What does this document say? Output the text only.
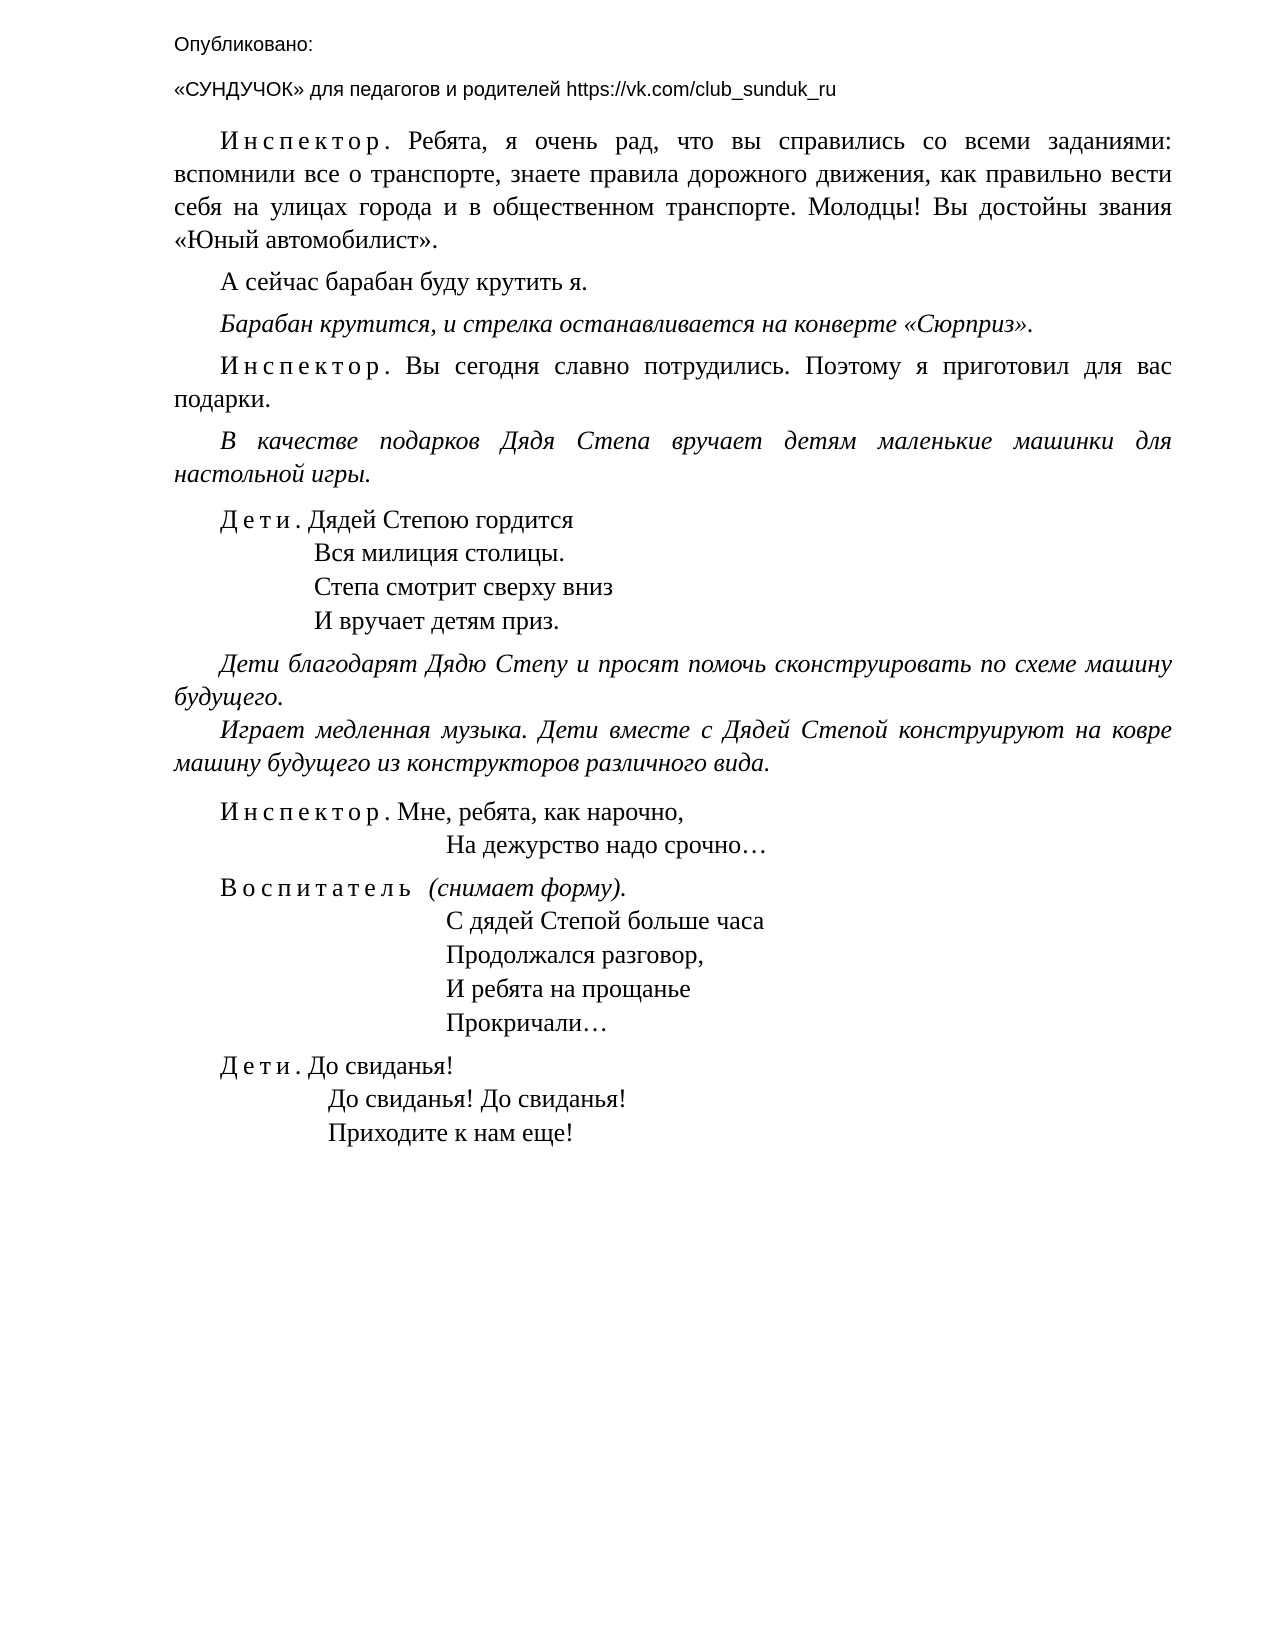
Опубликовано:
«СУНДУЧОК» для педагогов и родителей https://vk.com/club_sunduk_ru

Инспектор. Ребята, я очень рад, что вы справились со всеми заданиями: вспомнили все о транспорте, знаете правила дорожного движения, как правильно вести себя на улицах города и в общественном транспорте. Молодцы! Вы достойны звания «Юный автомобилист».

А сейчас барабан буду крутить я.

Барабан крутится, и стрелка останавливается на конверте «Сюрприз».

Инспектор. Вы сегодня славно потрудились. Поэтому я приготовил для вас подарки.

В качестве подарков Дядя Степа вручает детям маленькие машинки для настольной игры.

Дети. Дядей Степою гордится

Вся милиция столицы.

Степа смотрит сверху вниз

И вручает детям приз.

Дети благодарят Дядю Степу и просят помочь сконструировать по схеме машину будущего.

Играет медленная музыка. Дети вместе с Дядей Степой конструируют на ковре машину будущего из конструкторов различного вида.

Инспектор. Мне, ребята, как нарочно,

На дежурство надо срочно…

Воспитатель (снимает форму).

С дядей Степой больше часа

Продолжался разговор,

И ребята на прощанье

Прокричали…

Дети. До свиданья!

До свиданья! До свиданья!

Приходите к нам еще!
